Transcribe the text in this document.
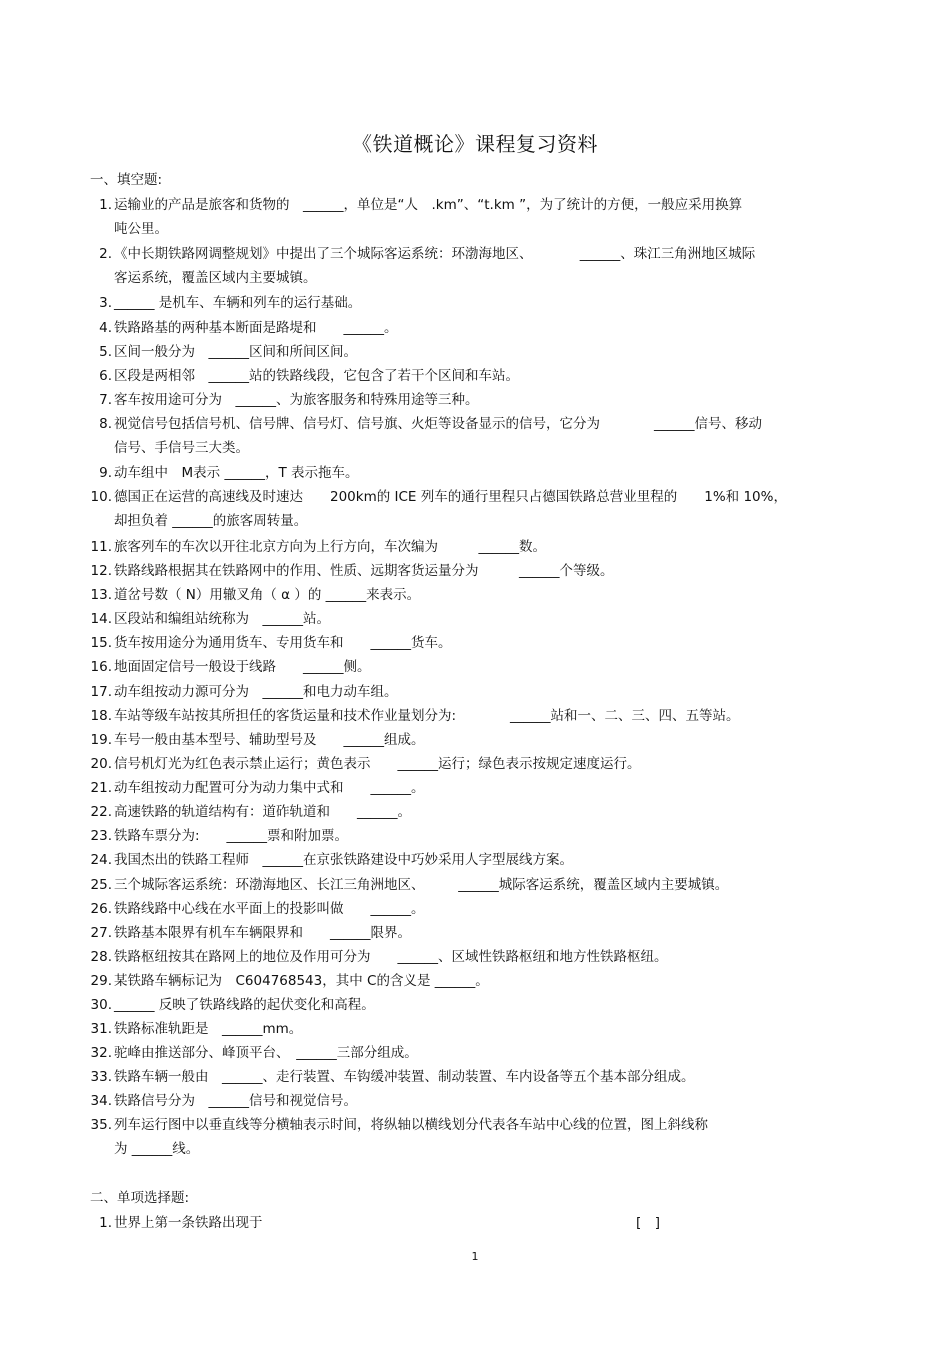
《铁道概论》课程复习资料
一、填空题:
1. 运输业的产品是旅客和货物的　______，单位是“人　.km”、“t.km ”，为了统计的方便，一般应采用换算
吨公里。
2. 《中长期铁路网调整规划》中提出了三个城际客运系统：环渤海地区、　　　　______、珠江三角洲地区城际
客运系统，覆盖区域内主要城镇。
3. ______ 是机车、车辆和列车的运行基础。
4. 铁路路基的两种基本断面是路堤和　　______。
5. 区间一般分为　______区间和所间区间。
6. 区段是两相邻　______站的铁路线段，它包含了若干个区间和车站。
7. 客车按用途可分为　______、为旅客服务和特殊用途等三种。
8. 视觉信号包括信号机、信号牌、信号灯、信号旗、火炬等设备显示的信号，它分为　　　　______信号、移动
信号、手信号三大类。
9. 动车组中　M表示 ______，T 表示拖车。
10. 德国正在运营的高速线及时速达　　200km的 ICE 列车的通行里程只占德国铁路总营业里程的　　1%和 10%，
却担负着 ______的旅客周转量。
11. 旅客列车的车次以开往北京方向为上行方向，车次编为　　　______数。
12. 铁路线路根据其在铁路网中的作用、性质、远期客货运量分为　　　______个等级。
13. 道岔号数（ N）用辙叉角（ α ）的 ______来表示。
14. 区段站和编组站统称为　______站。
15. 货车按用途分为通用货车、专用货车和　　______货车。
16. 地面固定信号一般设于线路　　______侧。
17. 动车组按动力源可分为　______和电力动车组。
18. 车站等级车站按其所担任的客货运量和技术作业量划分为:　　　　______站和一、二、三、四、五等站。
19. 车号一般由基本型号、辅助型号及　　______组成。
20. 信号机灯光为红色表示禁止运行；黄色表示　　______运行；绿色表示按规定速度运行。
21. 动车组按动力配置可分为动力集中式和　　______。
22. 高速铁路的轨道结构有：道砟轨道和　　______。
23. 铁路车票分为:　　______票和附加票。
24. 我国杰出的铁路工程师　______在京张铁路建设中巧妙采用人字型展线方案。
25. 三个城际客运系统：环渤海地区、长江三角洲地区、　　　______城际客运系统，覆盖区域内主要城镇。
26. 铁路线路中心线在水平面上的投影叫做　　______。
27. 铁路基本限界有机车车辆限界和　　______限界。
28. 铁路枢纽按其在路网上的地位及作用可分为　　______、区域性铁路枢纽和地方性铁路枢纽。
29. 某铁路车辆标记为　C604768543，其中 C的含义是 ______。
30. ______ 反映了铁路线路的起伏变化和高程。
31. 铁路标准轨距是　______mm。
32. 驼峰由推送部分、峰顶平台、　______三部分组成。
33. 铁路车辆一般由　______、走行装置、车钩缓冲装置、制动装置、车内设备等五个基本部分组成。
34. 铁路信号分为　______信号和视觉信号。
35. 列车运行图中以垂直线等分横轴表示时间，将纵轴以横线划分代表各车站中心线的位置，图上斜线称
为 ______线。
二、单项选择题:
1. 世界上第一条铁路出现于	[　]
1
